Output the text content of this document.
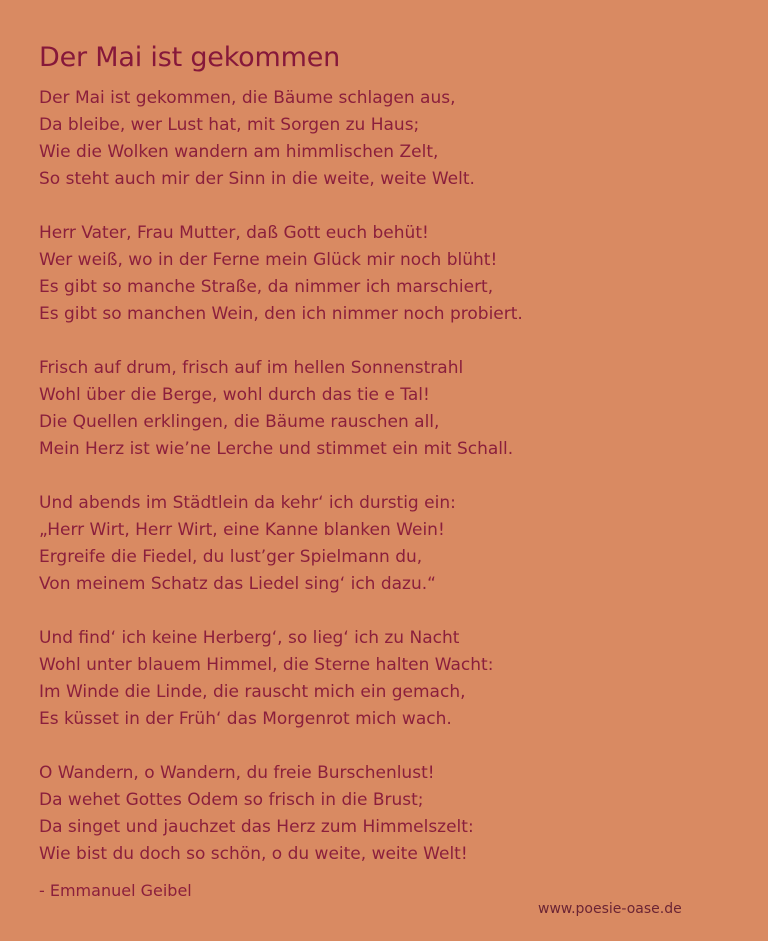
Der Mai ist gekommen
Der Mai ist gekommen, die Bäume schlagen aus,
Da bleibe, wer Lust hat, mit Sorgen zu Haus;
Wie die Wolken wandern am himmlischen Zelt,
So steht auch mir der Sinn in die weite, weite Welt.
Herr Vater, Frau Mutter, daß Gott euch behüt!
Wer weiß, wo in der Ferne mein Glück mir noch blüht!
Es gibt so manche Straße, da nimmer ich marschiert,
Es gibt so manchen Wein, den ich nimmer noch probiert.
Frisch auf drum, frisch auf im hellen Sonnenstrahl
Wohl über die Berge, wohl durch das tie e Tal!
Die Quellen erklingen, die Bäume rauschen all,
Mein Herz ist wie’ne Lerche und stimmet ein mit Schall.
Und abends im Städtlein da kehr‘ ich durstig ein:
„Herr Wirt, Herr Wirt, eine Kanne blanken Wein!
Ergreife die Fiedel, du lust’ger Spielmann du,
Von meinem Schatz das Liedel sing‘ ich dazu.“
Und find‘ ich keine Herberg‘, so lieg‘ ich zu Nacht
Wohl unter blauem Himmel, die Sterne halten Wacht:
Im Winde die Linde, die rauscht mich ein gemach,
Es küsset in der Früh‘ das Morgenrot mich wach.
O Wandern, o Wandern, du freie Burschenlust!
Da wehet Gottes Odem so frisch in die Brust;
Da singet und jauchzet das Herz zum Himmelszelt:
Wie bist du doch so schön, o du weite, weite Welt!
- Emmanuel Geibel
www.poesie-oase.de
